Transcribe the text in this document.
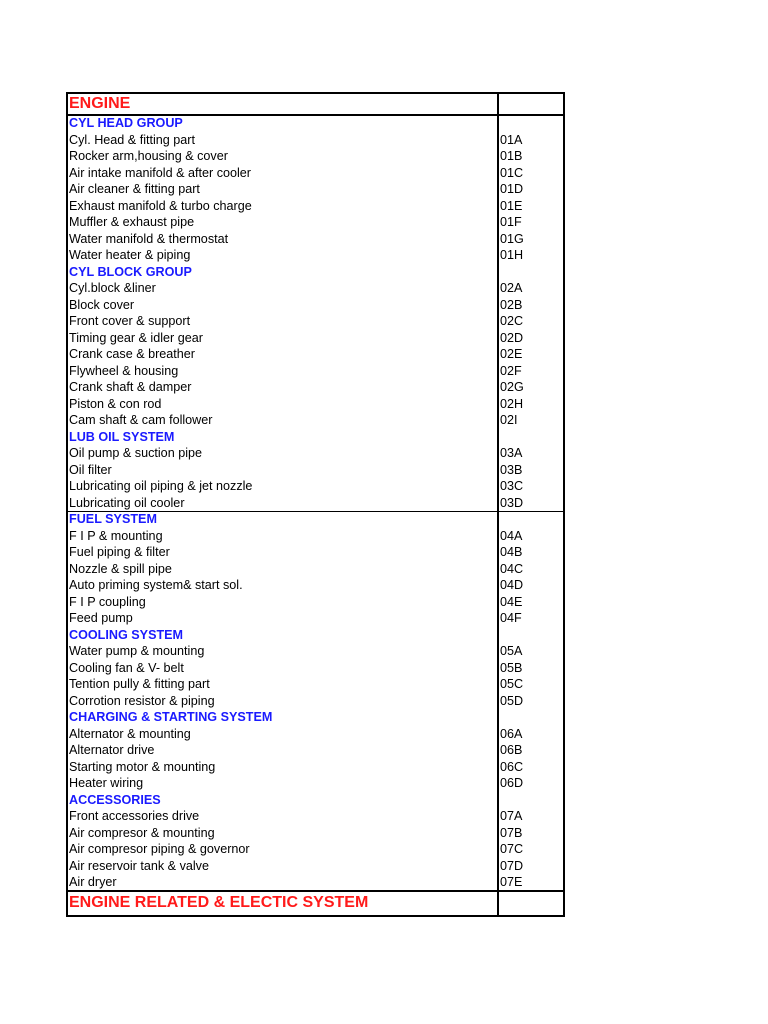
ENGINE
CYL HEAD GROUP
Cyl. Head & fitting part	01A
Rocker arm,housing & cover	01B
Air intake manifold & after cooler	01C
Air cleaner & fitting part	01D
Exhaust manifold & turbo charge	01E
Muffler & exhaust pipe	01F
Water manifold & thermostat	01G
Water heater & piping	01H
CYL BLOCK GROUP
Cyl.block &liner	02A
Block cover	02B
Front cover & support	02C
Timing gear & idler gear	02D
Crank case & breather	02E
Flywheel & housing	02F
Crank shaft & damper	02G
Piston & con rod	02H
Cam shaft & cam follower	02I
LUB OIL SYSTEM
Oil pump & suction pipe	03A
Oil filter	03B
Lubricating oil piping & jet nozzle	03C
Lubricating oil cooler	03D
FUEL SYSTEM
F I P & mounting	04A
Fuel piping & filter	04B
Nozzle & spill pipe	04C
Auto priming system& start sol.	04D
F I P coupling	04E
Feed pump	04F
COOLING SYSTEM
Water pump & mounting	05A
Cooling fan & V- belt	05B
Tention pully & fitting part	05C
Corrotion resistor & piping	05D
CHARGING & STARTING SYSTEM
Alternator & mounting	06A
Alternator drive	06B
Starting motor & mounting	06C
Heater wiring	06D
ACCESSORIES
Front accessories drive	07A
Air compresor & mounting	07B
Air compresor piping & governor	07C
Air reservoir tank & valve	07D
Air dryer	07E
ENGINE RELATED & ELECTIC SYSTEM
